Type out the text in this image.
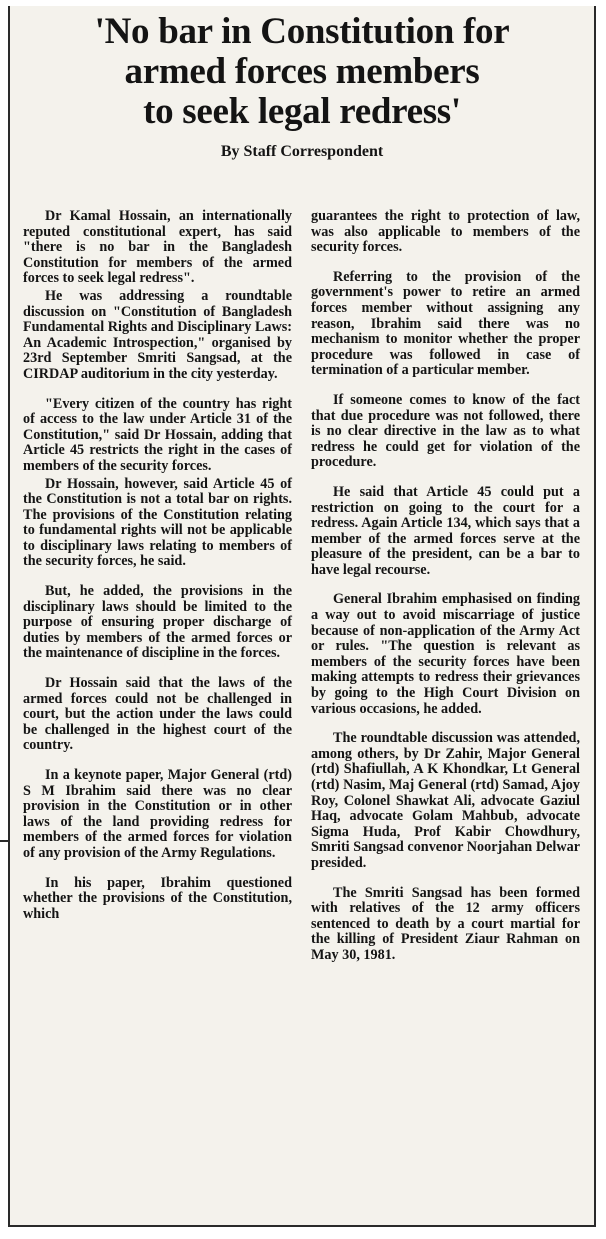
'No bar in Constitution for
armed forces members
to seek legal redress'
By Staff Correspondent

Dr Kamal Hossain, an internationally reputed constitutional expert, has said "there is no bar in the Bangladesh Constitution for members of the armed forces to seek legal redress".

He was addressing a roundtable discussion on "Constitution of Bangladesh Fundamental Rights and Disciplinary Laws: An Academic Introspection," organised by 23rd September Smriti Sangsad, at the CIRDAP auditorium in the city yesterday.

"Every citizen of the country has right of access to the law under Article 31 of the Constitution," said Dr Hossain, adding that Article 45 restricts the right in the cases of members of the security forces.

Dr Hossain, however, said Article 45 of the Constitution is not a total bar on rights. The provisions of the Constitution relating to fundamental rights will not be applicable to disciplinary laws relating to members of the security forces, he said.

But, he added, the provisions in the disciplinary laws should be limited to the purpose of ensuring proper discharge of duties by members of the armed forces or the maintenance of discipline in the forces.

Dr Hossain said that the laws of the armed forces could not be challenged in court, but the action under the laws could be challenged in the highest court of the country.

In a keynote paper, Major General (rtd) S M Ibrahim said there was no clear provision in the Constitution or in other laws of the land providing redress for members of the armed forces for violation of any provision of the Army Regulations.

In his paper, Ibrahim questioned whether the provisions of the Constitution, which

guarantees the right to protection of law, was also applicable to members of the security forces.

Referring to the provision of the government's power to retire an armed forces member without assigning any reason, Ibrahim said there was no mechanism to monitor whether the proper procedure was followed in case of termination of a particular member.

If someone comes to know of the fact that due procedure was not followed, there is no clear directive in the law as to what redress he could get for violation of the procedure.

He said that Article 45 could put a restriction on going to the court for a redress. Again Article 134, which says that a member of the armed forces serve at the pleasure of the president, can be a bar to have legal recourse.

General Ibrahim emphasised on finding a way out to avoid miscarriage of justice because of non-application of the Army Act or rules. "The question is relevant as members of the security forces have been making attempts to redress their grievances by going to the High Court Division on various occasions, he added.

The roundtable discussion was attended, among others, by Dr Zahir, Major General (rtd) Shafiullah, A K Khondkar, Lt General (rtd) Nasim, Maj General (rtd) Samad, Ajoy Roy, Colonel Shawkat Ali, advocate Gaziul Haq, advocate Golam Mahbub, advocate Sigma Huda, Prof Kabir Chowdhury, Smriti Sangsad convenor Noorjahan Delwar presided.

The Smriti Sangsad has been formed with relatives of the 12 army officers sentenced to death by a court martial for the killing of President Ziaur Rahman on May 30, 1981.
